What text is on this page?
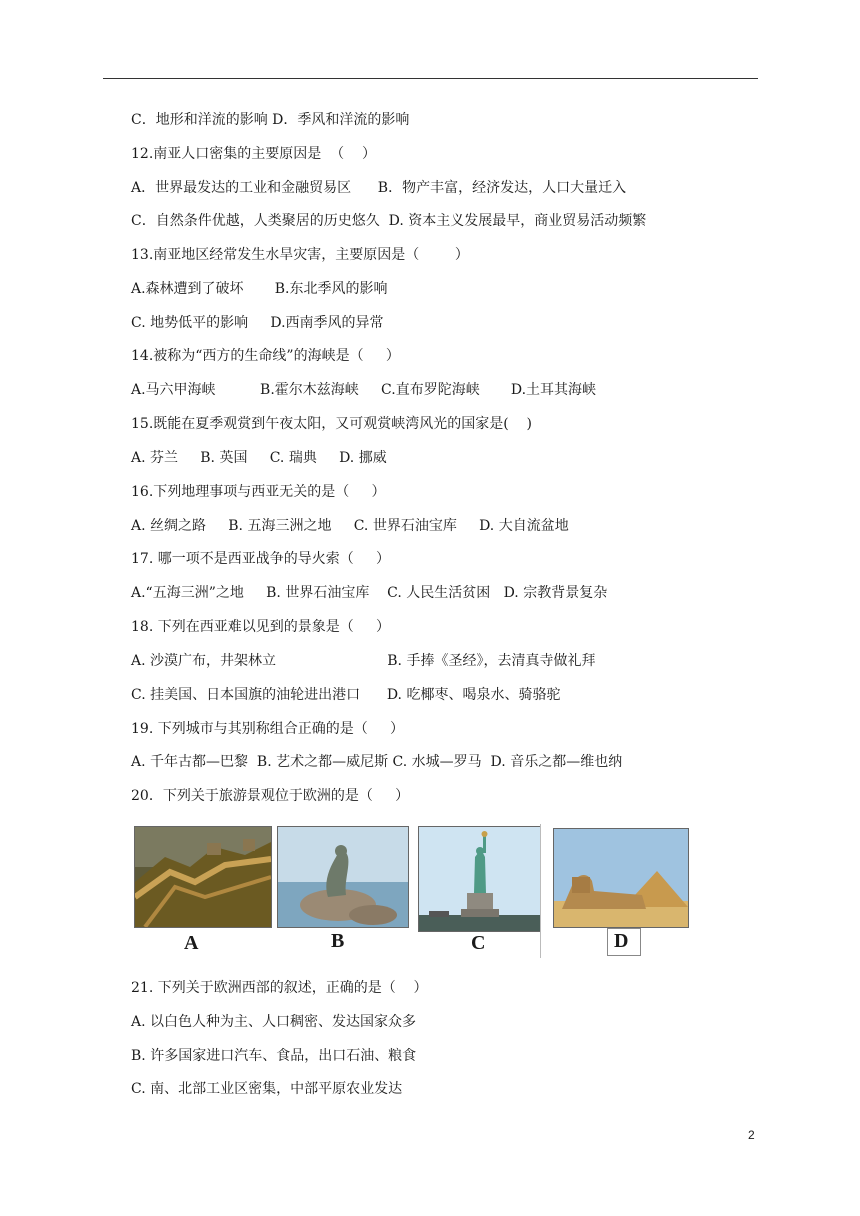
C．地形和洋流的影响 D．季风和洋流的影响
12.南亚人口密集的主要原因是  （    ）
A．世界最发达的工业和金融贸易区      B．物产丰富，经济发达，人口大量迁入
C．自然条件优越，人类聚居的历史悠久  D. 资本主义发展最早，商业贸易活动频繁
13.南亚地区经常发生水旱灾害，主要原因是（        ）
A.森林遭到了破坏       B.东北季风的影响
C. 地势低平的影响     D.西南季风的异常
14.被称为“西方的生命线”的海峡是（     ）
A.马六甲海峡          B.霍尔木兹海峡     C.直布罗陀海峡       D.土耳其海峡
15.既能在夏季观赏到午夜太阳，又可观赏峡湾风光的国家是(    )
A. 芬兰     B. 英国     C. 瑞典     D. 挪威
16.下列地理事项与西亚无关的是（     ）
A. 丝绸之路     B. 五海三洲之地     C. 世界石油宝库     D. 大自流盆地
17. 哪一项不是西亚战争的导火索（     ）
A.“五海三洲”之地     B. 世界石油宝库    C. 人民生活贫困   D. 宗教背景复杂
18. 下列在西亚难以见到的景象是（     ）
A. 沙漠广布，井架林立                         B. 手捧《圣经》，去清真寺做礼拜
C. 挂美国、日本国旗的油轮进出港口      D. 吃椰枣、喝泉水、骑骆驼
19. 下列城市与其别称组合正确的是（     ）
A. 千年古都—巴黎  B. 艺术之都—威尼斯 C. 水城—罗马  D. 音乐之都—维也纳
20．下列关于旅游景观位于欧洲的是（     ）
A	B	C	D
21. 下列关于欧洲西部的叙述，正确的是（    ）
A. 以白色人种为主、人口稠密、发达国家众多
B. 许多国家进口汽车、食品，出口石油、粮食
C. 南、北部工业区密集，中部平原农业发达
2
